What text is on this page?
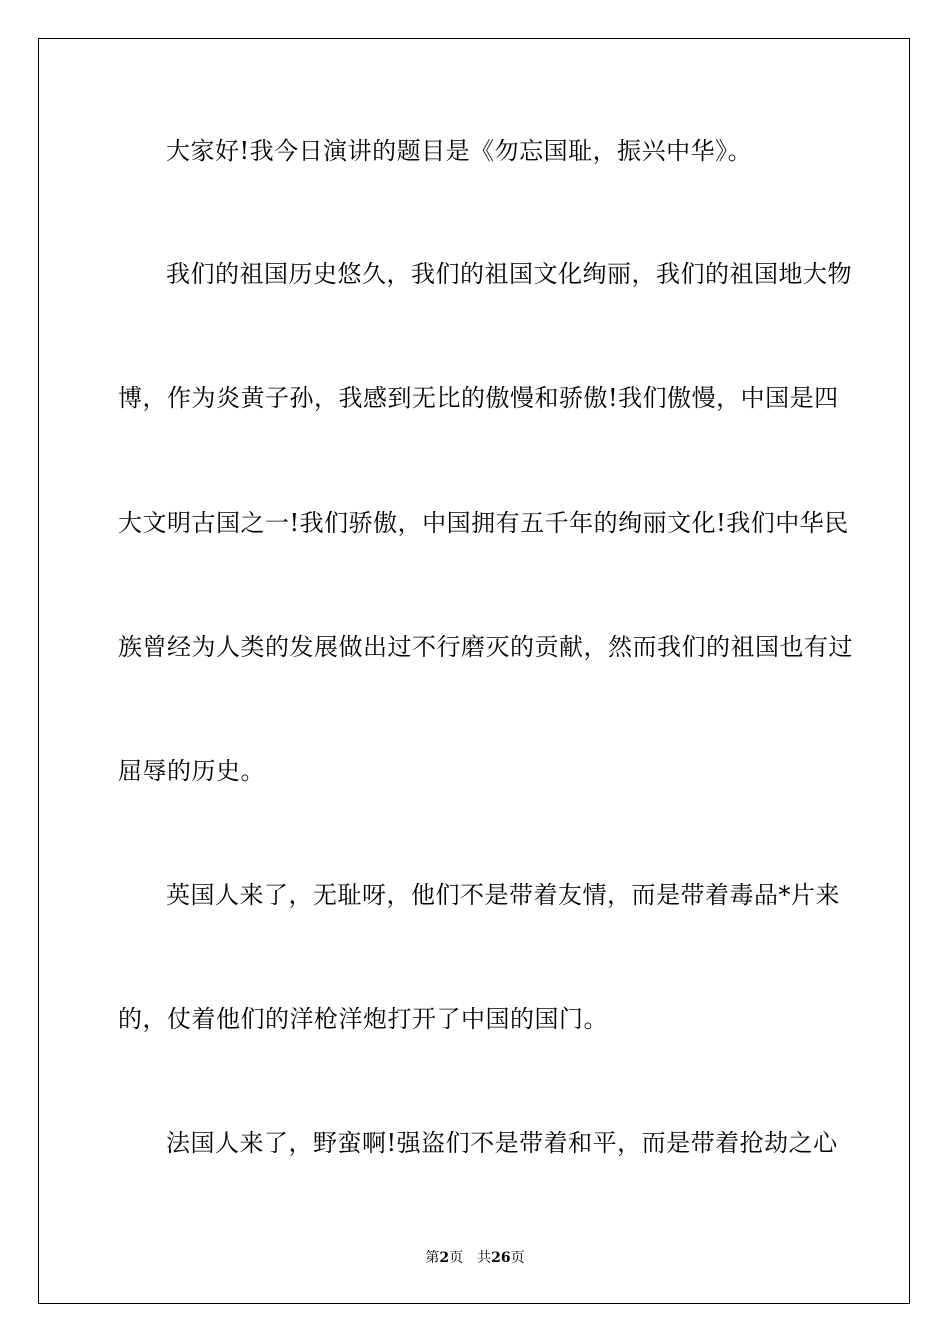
大家好!我今日演讲的题目是《勿忘国耻，振兴中华》。
我们的祖国历史悠久，我们的祖国文化绚丽，我们的祖国地大物
博，作为炎黄子孙，我感到无比的傲慢和骄傲!我们傲慢，中国是四
大文明古国之一!我们骄傲，中国拥有五千年的绚丽文化!我们中华民
族曾经为人类的发展做出过不行磨灭的贡献，然而我们的祖国也有过
屈辱的历史。
英国人来了，无耻呀，他们不是带着友情，而是带着毒品*片来
的，仗着他们的洋枪洋炮打开了中国的国门。
法国人来了，野蛮啊!强盗们不是带着和平，而是带着抢劫之心
第2页 共26页
